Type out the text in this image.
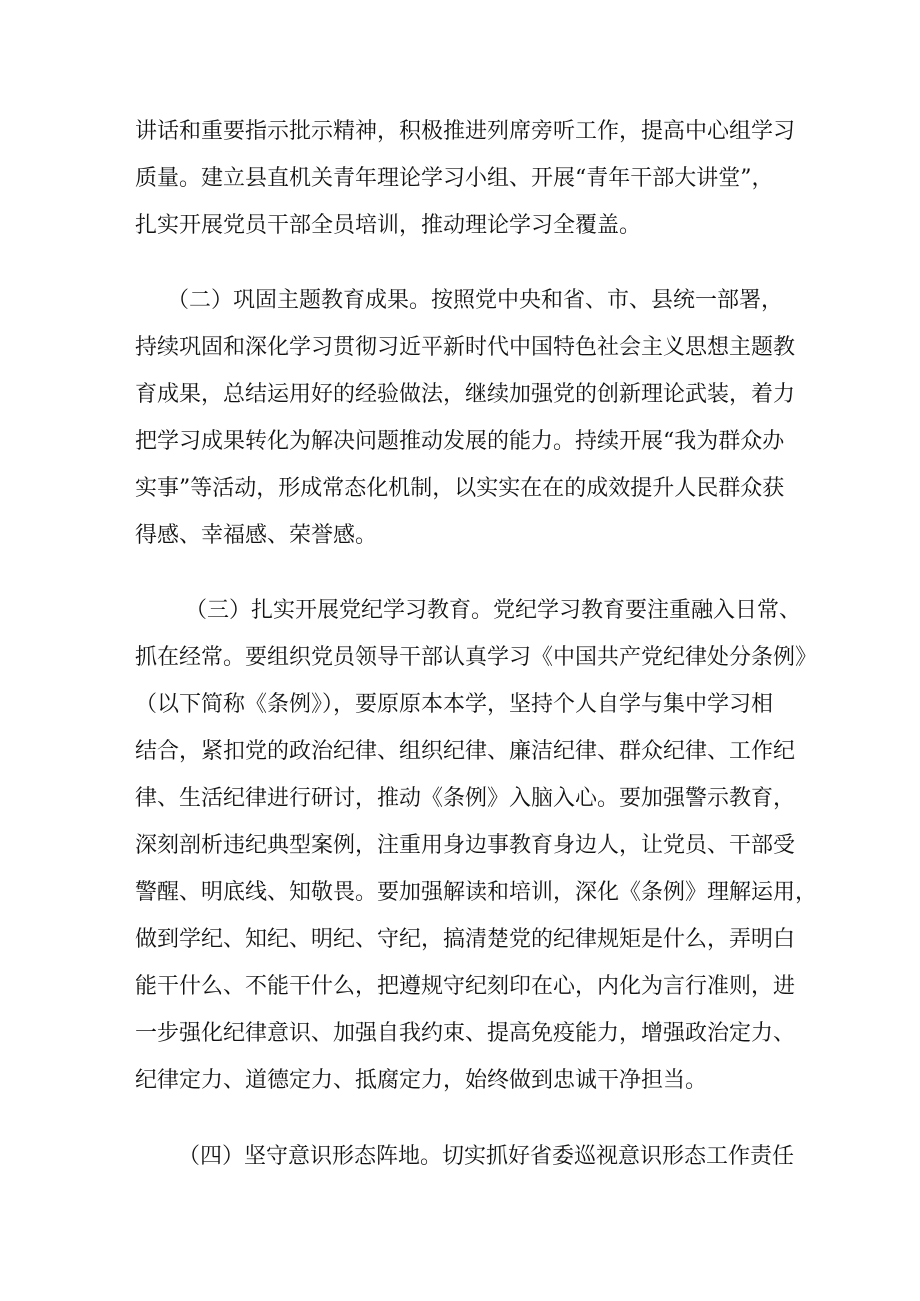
讲话和重要指示批示精神，积极推进列席旁听工作，提高中心组学习
质量。建立县直机关青年理论学习小组、开展“青年干部大讲堂”，
扎实开展党员干部全员培训，推动理论学习全覆盖。
（二）巩固主题教育成果。按照党中央和省、市、县统一部署，
持续巩固和深化学习贯彻习近平新时代中国特色社会主义思想主题教
育成果，总结运用好的经验做法，继续加强党的创新理论武装，着力
把学习成果转化为解决问题推动发展的能力。持续开展“我为群众办
实事”等活动，形成常态化机制，以实实在在的成效提升人民群众获
得感、幸福感、荣誉感。
（三）扎实开展党纪学习教育。党纪学习教育要注重融入日常、
抓在经常。要组织党员领导干部认真学习《中国共产党纪律处分条例》
（以下简称《条例》），要原原本本学，坚持个人自学与集中学习相
结合，紧扣党的政治纪律、组织纪律、廉洁纪律、群众纪律、工作纪
律、生活纪律进行研讨，推动《条例》入脑入心。要加强警示教育，
深刻剖析违纪典型案例，注重用身边事教育身边人，让党员、干部受
警醒、明底线、知敬畏。要加强解读和培训，深化《条例》理解运用，
做到学纪、知纪、明纪、守纪，搞清楚党的纪律规矩是什么，弄明白
能干什么、不能干什么，把遵规守纪刻印在心，内化为言行准则，进
一步强化纪律意识、加强自我约束、提高免疫能力，增强政治定力、
纪律定力、道德定力、抵腐定力，始终做到忠诚干净担当。
（四）坚守意识形态阵地。切实抓好省委巡视意识形态工作责任
